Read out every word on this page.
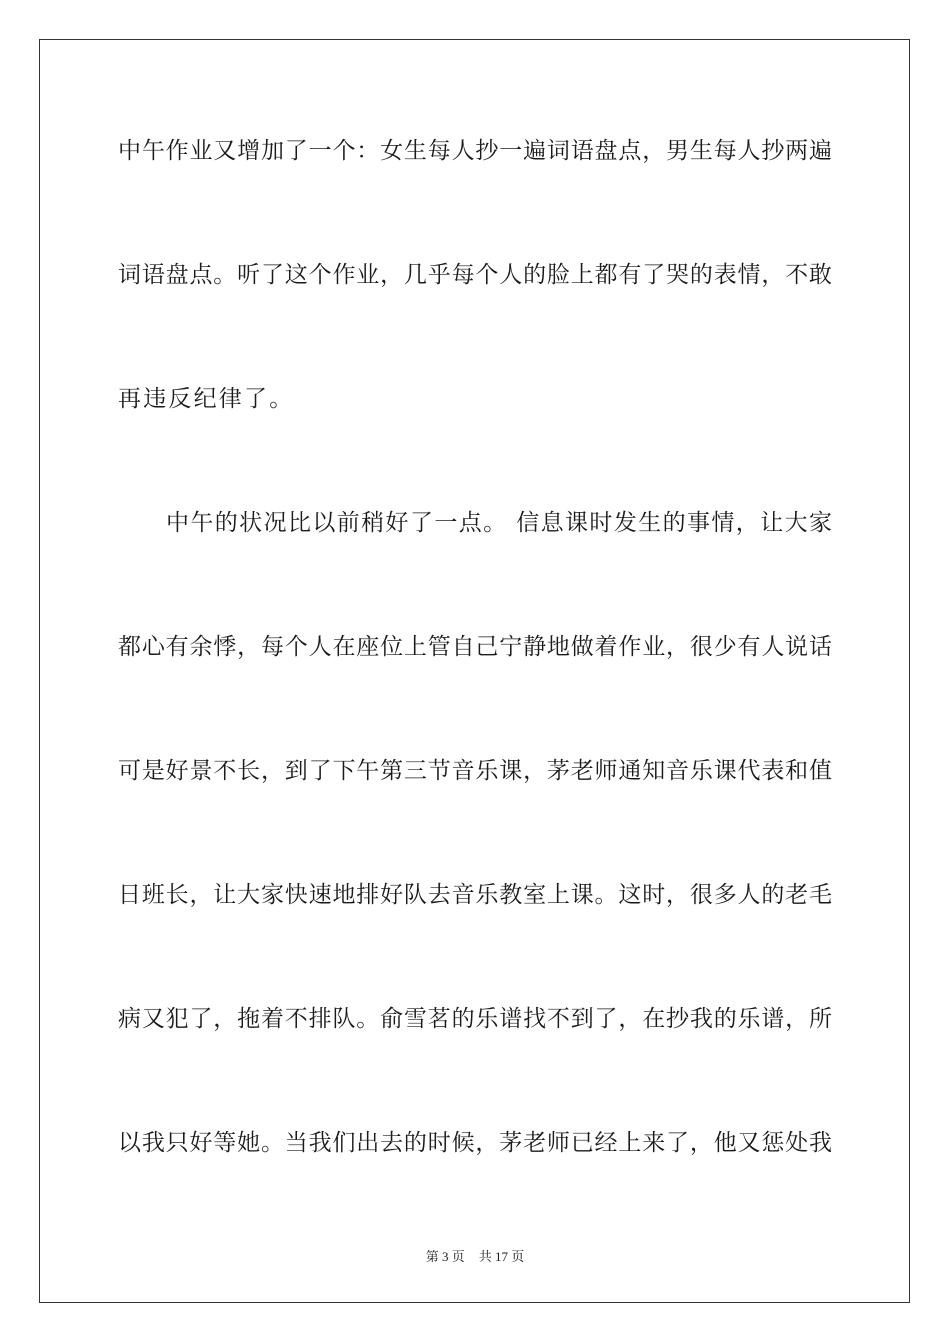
中午作业又增加了一个：女生每人抄一遍词语盘点，男生每人抄两遍
词语盘点。听了这个作业，几乎每个人的脸上都有了哭的表情，不敢
再违反纪律了。
中午的状况比以前稍好了一点。 信息课时发生的事情，让大家
都心有余悸，每个人在座位上管自己宁静地做着作业，很少有人说话
可是好景不长，到了下午第三节音乐课，茅老师通知音乐课代表和值
日班长，让大家快速地排好队去音乐教室上课。这时，很多人的老毛
病又犯了，拖着不排队。俞雪茗的乐谱找不到了，在抄我的乐谱，所
以我只好等她。当我们出去的时候，茅老师已经上来了，他又惩处我
第 3 页 共 17 页
